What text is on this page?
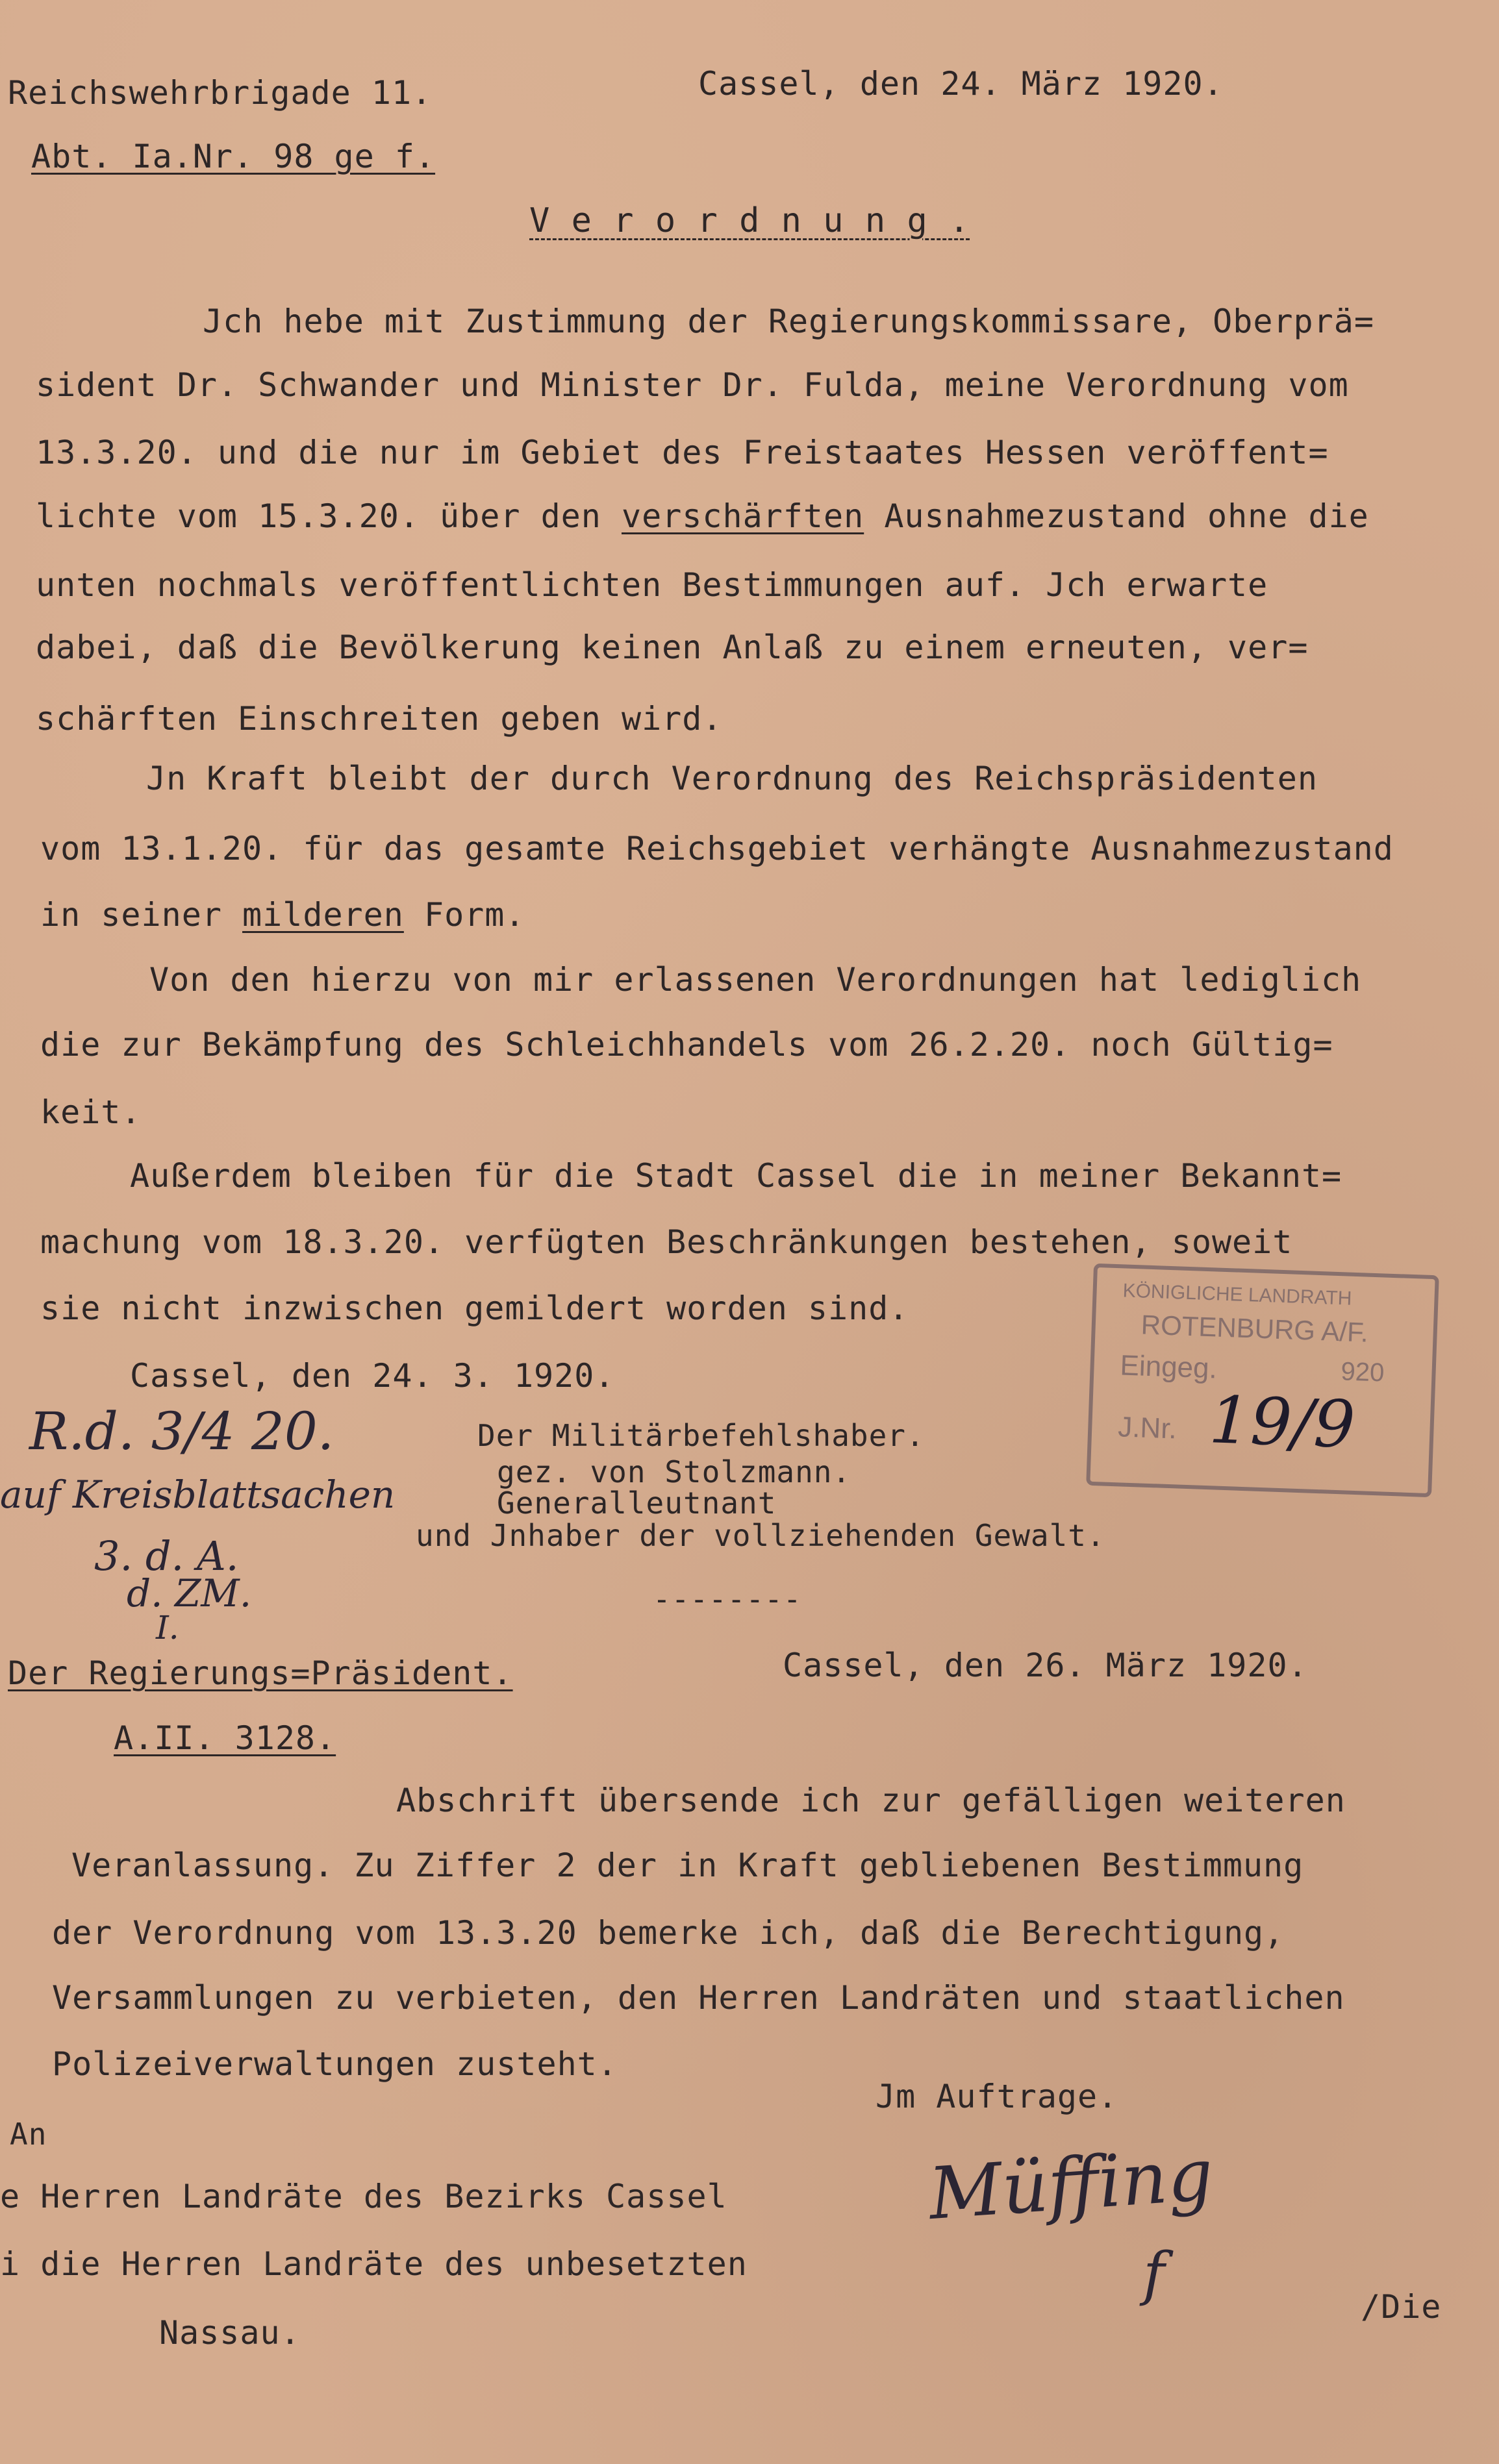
Reichswehrbrigade 11.	Cassel, den 24. März 1920.
Abt. Ia.Nr. 98 ge f.
V e r o r d n u n g .
Jch hebe mit Zustimmung der Regierungskommissare, Oberprä=
sident Dr. Schwander und Minister Dr. Fulda, meine Verordnung vom
13.3.20. und die nur im Gebiet des Freistaates Hessen veröffent=
lichte vom 15.3.20. über den verschärften Ausnahmezustand ohne die
unten nochmals veröffentlichten Bestimmungen auf. Jch erwarte
dabei, daß die Bevölkerung keinen Anlaß zu einem erneuten, ver=
schärften Einschreiten geben wird.
Jn Kraft bleibt der durch Verordnung des Reichspräsidenten
vom 13.1.20. für das gesamte Reichsgebiet verhängte Ausnahmezustand
in seiner milderen Form.
Von den hierzu von mir erlassenen Verordnungen hat lediglich
die zur Bekämpfung des Schleichhandels vom 26.2.20. noch Gültig=
keit.
Außerdem bleiben für die Stadt Cassel die in meiner Bekannt=
machung vom 18.3.20. verfügten Beschränkungen bestehen, soweit
sie nicht inzwischen gemildert worden sind.
Cassel, den 24. 3. 1920.
Der Militärbefehlshaber.
gez. von Stolzmann.
Generalleutnant
und Jnhaber der vollziehenden Gewalt.
--------
KÖNIGLICHE LANDRATH
ROTENBURG A/F.
Eingeg.	920
J.Nr. 19/9
R.d. 3/4 20.
auf Kreisblattsachen
3. d. A.
d. ZM.
I.
Der Regierungs=Präsident.	Cassel, den 26. März 1920.
A.II. 3128.
Abschrift übersende ich zur gefälligen weiteren
Veranlassung. Zu Ziffer 2 der in Kraft gebliebenen Bestimmung
der Verordnung vom 13.3.20 bemerke ich, daß die Berechtigung,
Versammlungen zu verbieten, den Herren Landräten und staatlichen
Polizeiverwaltungen zusteht.
Jm Auftrage.
An
e Herren Landräte des Bezirks Cassel
i die Herren Landräte des unbesetzten
Nassau.
Müffing
f	/Die
